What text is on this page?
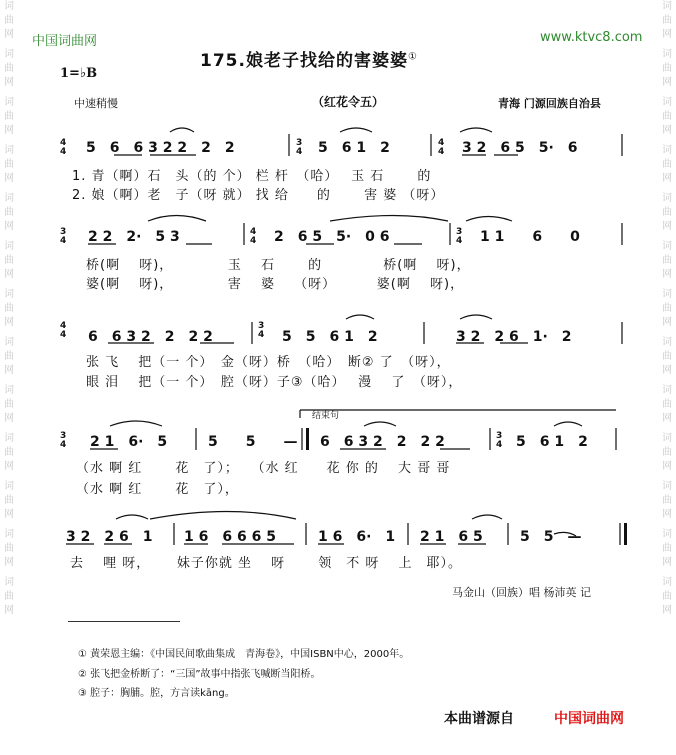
词曲网
词曲网
词曲网
词曲网
词曲网
词曲网
词曲网
词曲网
词曲网
词曲网
词曲网
词曲网
词曲网
词曲网
词曲网
词曲网
词曲网
词曲网
词曲网
词曲网
词曲网
词曲网
词曲网
词曲网
词曲网
词曲网
中国词曲网	www.ktvc8.com
175.娘老子找给的害婆婆①
1=♭B
中速稍慢	（红花令五）	青海 门源回族自治县
4
4
3
4
4
4
3
4
4
4
3
4
4
4
3
4
3
4
3
4
5　 6　 6 3 2 2　 2　 2	5　 6 1　 2	3 2　 6 5　 5·　 6
1. 青（啊）石　头（的 个） 栏 杆　（哈）　 玉 石　　 的
2. 娘（啊）老　子（呀 就） 找 给　　的　　 害 婆 （呀）
2 2　 2·　 5 3	2　 6 5　 5·　 0 6	1 1　　 6　　 0
桥(啊　 呀)，　　　　 玉　 石　　 的　　　　 桥(啊　 呀)，
婆(啊　 呀)，　　　　 害　 婆　 （呀）　　　 婆(啊　 呀)，
6　 6 3 2　 2　 2 2	5　 5　 6 1　 2	3 2　 2 6　 1·　 2
张 飞　 把（一 个）　金（呀）桥　（哈）　断② 了　（呀），
眼 泪　 把（一 个）　腔（呀）子③（哈）　 漫　 了　（呀），
结束句
2 1　 6·　 5	5　　 5　　 — 6　 6 3 2　 2　 2 2	5　 6 1　 2
（水 啊 红　　 花　了）；　 （水 红　　花 你 的　 大 哥 哥
（水 啊 红　　 花　了），
3 2　 2 6　 1 1 6　 6 6 6 5	1 6　 6·　 1 2 1　 6 5	5　 5　 —
去　 哩 呀，　　 妹子你就 坐　 呀　　 领　不 呀　 上　耶）。
马金山（回族）唱 杨沛英 记
① 黄荣恩主编：《中国民间歌曲集成　青海卷》，中国ISBN中心，2000年。
② 张飞把金桥断了：“三国”故事中指张飞喊断当阳桥。
③ 腔子：胸脯。腔，方言读kāng。
本曲谱源自	中国词曲网
